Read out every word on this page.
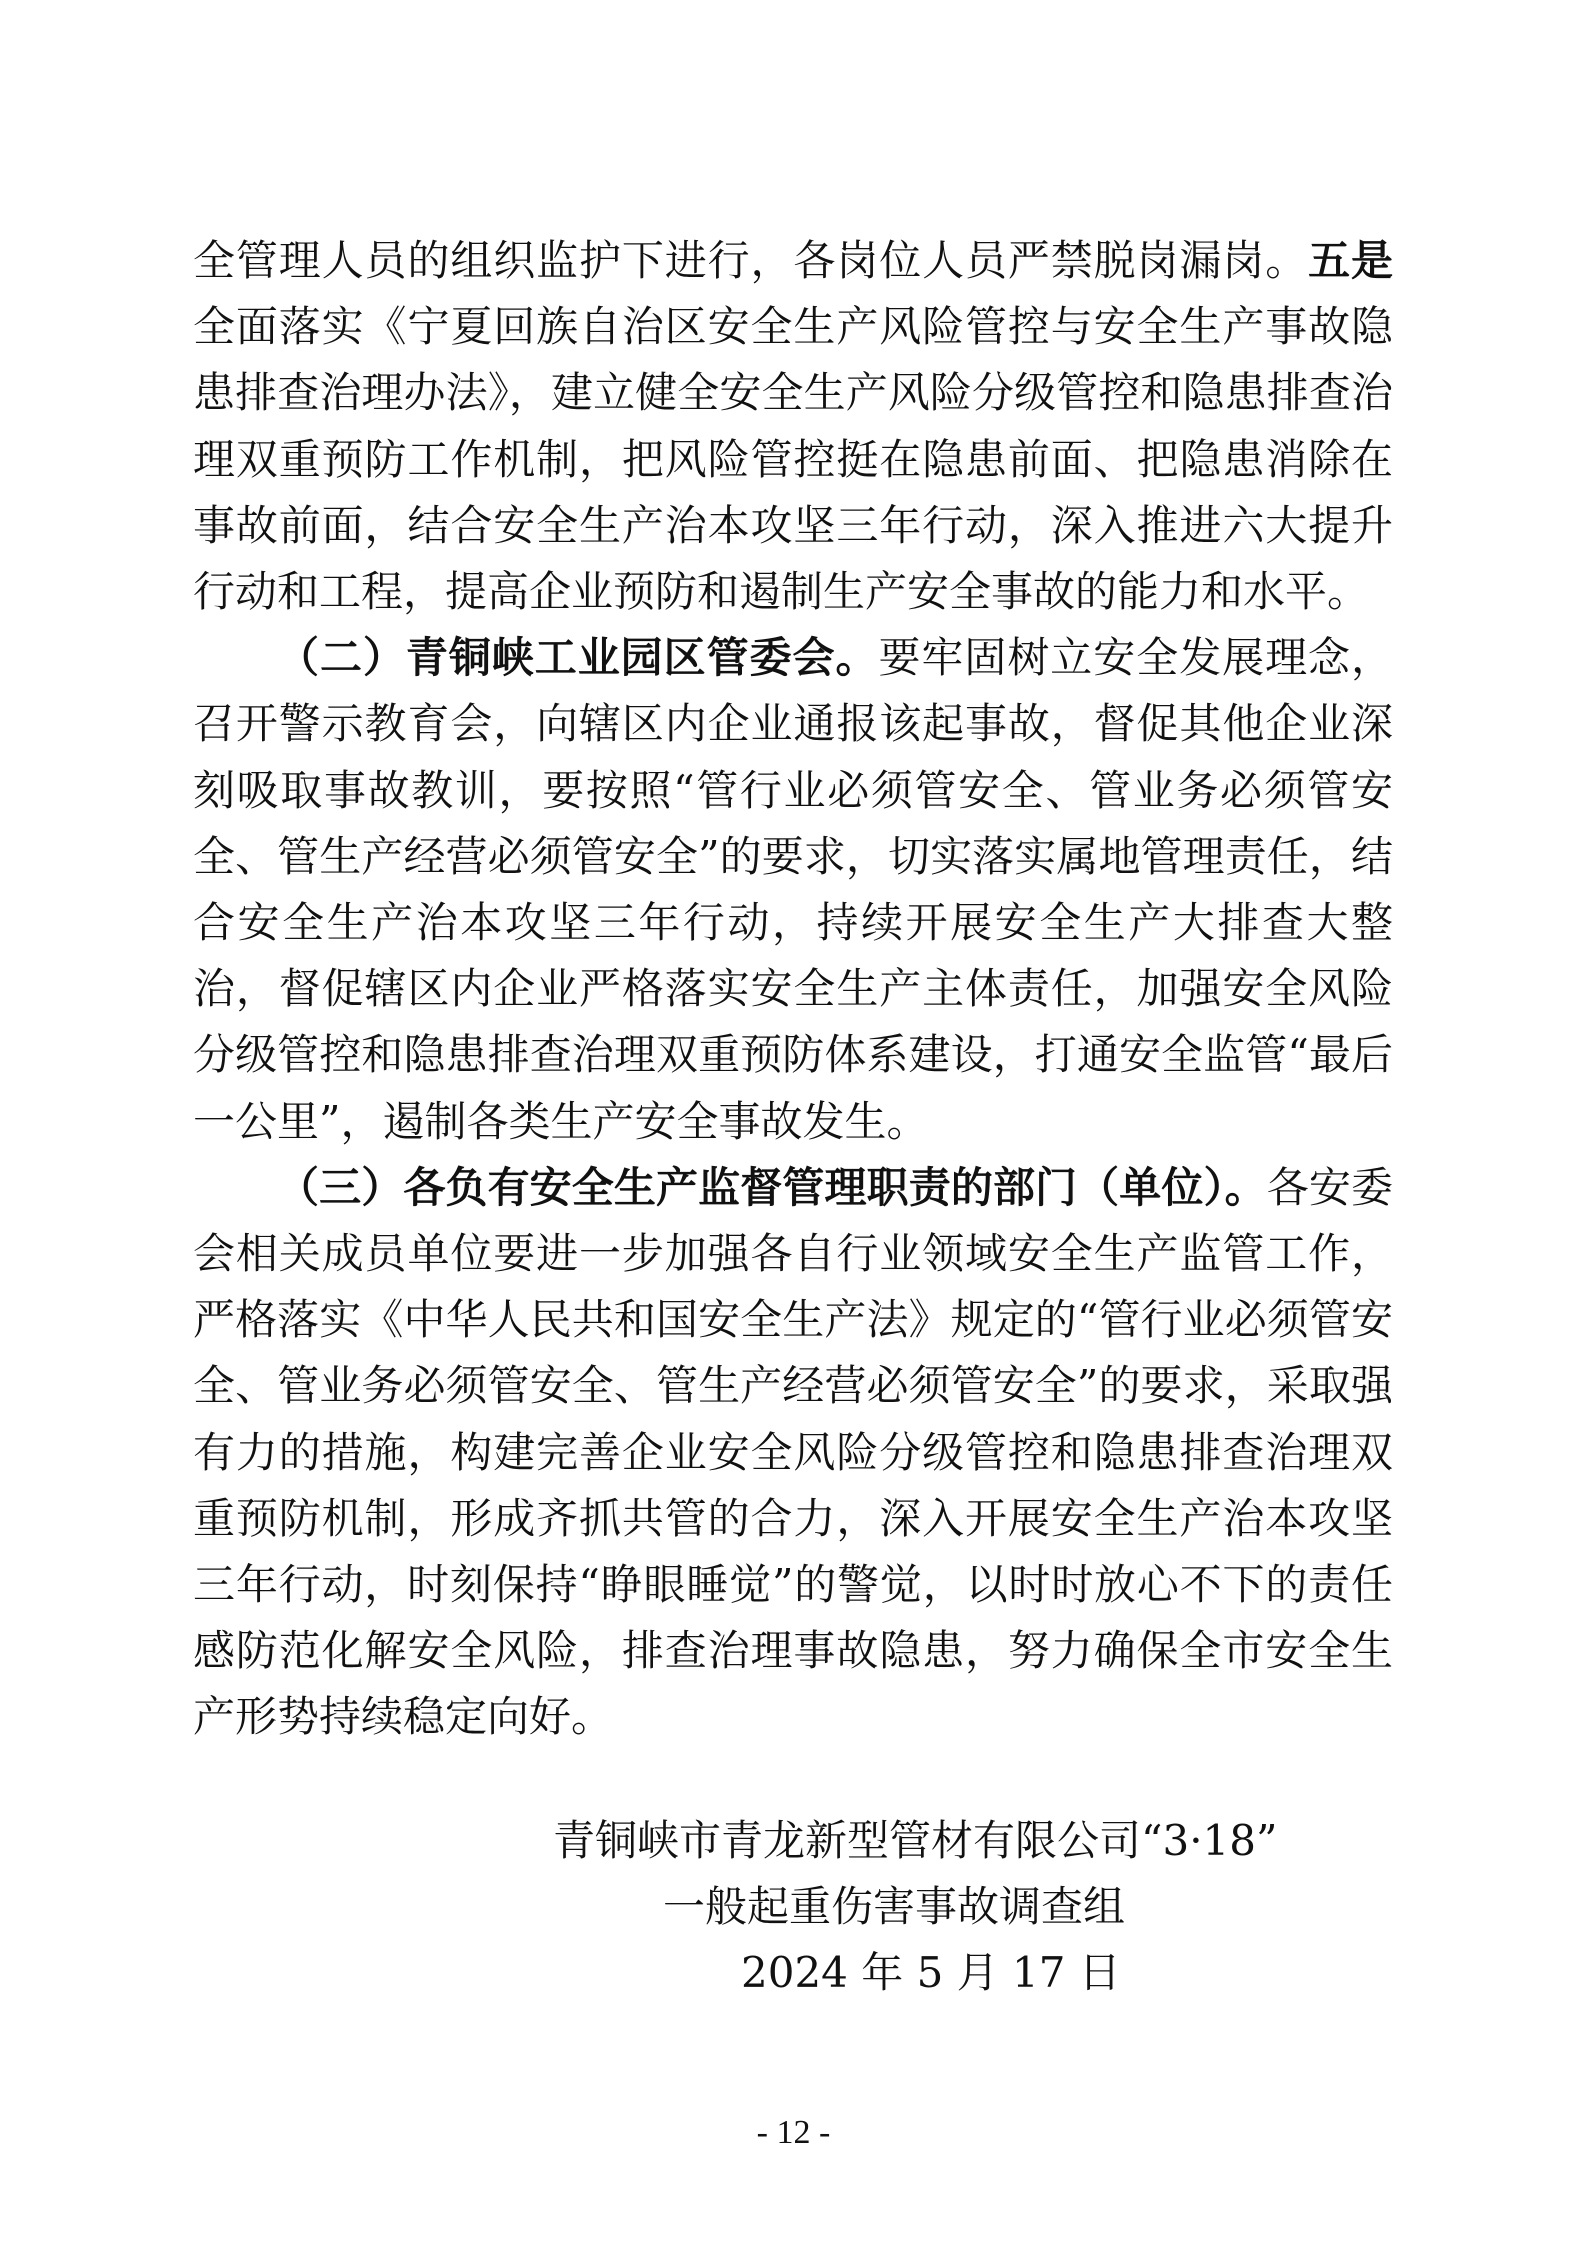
全管理人员的组织监护下进行，各岗位人员严禁脱岗漏岗。五是全面落实《宁夏回族自治区安全生产风险管控与安全生产事故隐患排查治理办法》，建立健全安全生产风险分级管控和隐患排查治理双重预防工作机制，把风险管控挺在隐患前面、把隐患消除在事故前面，结合安全生产治本攻坚三年行动，深入推进六大提升行动和工程，提高企业预防和遏制生产安全事故的能力和水平。

（二）青铜峡工业园区管委会。要牢固树立安全发展理念，召开警示教育会，向辖区内企业通报该起事故，督促其他企业深刻吸取事故教训，要按照“管行业必须管安全、管业务必须管安全、管生产经营必须管安全”的要求，切实落实属地管理责任，结合安全生产治本攻坚三年行动，持续开展安全生产大排查大整治，督促辖区内企业严格落实安全生产主体责任，加强安全风险分级管控和隐患排查治理双重预防体系建设，打通安全监管“最后一公里”，遏制各类生产安全事故发生。

（三）各负有安全生产监督管理职责的部门（单位）。各安委会相关成员单位要进一步加强各自行业领域安全生产监管工作，严格落实《中华人民共和国安全生产法》规定的“管行业必须管安全、管业务必须管安全、管生产经营必须管安全”的要求，采取强有力的措施，构建完善企业安全风险分级管控和隐患排查治理双重预防机制，形成齐抓共管的合力，深入开展安全生产治本攻坚三年行动，时刻保持“睁眼睡觉”的警觉，以时时放心不下的责任感防范化解安全风险，排查治理事故隐患，努力确保全市安全生产形势持续稳定向好。

青铜峡市青龙新型管材有限公司“3·18”
一般起重伤害事故调查组
2024 年 5 月 17 日
- 12 -
